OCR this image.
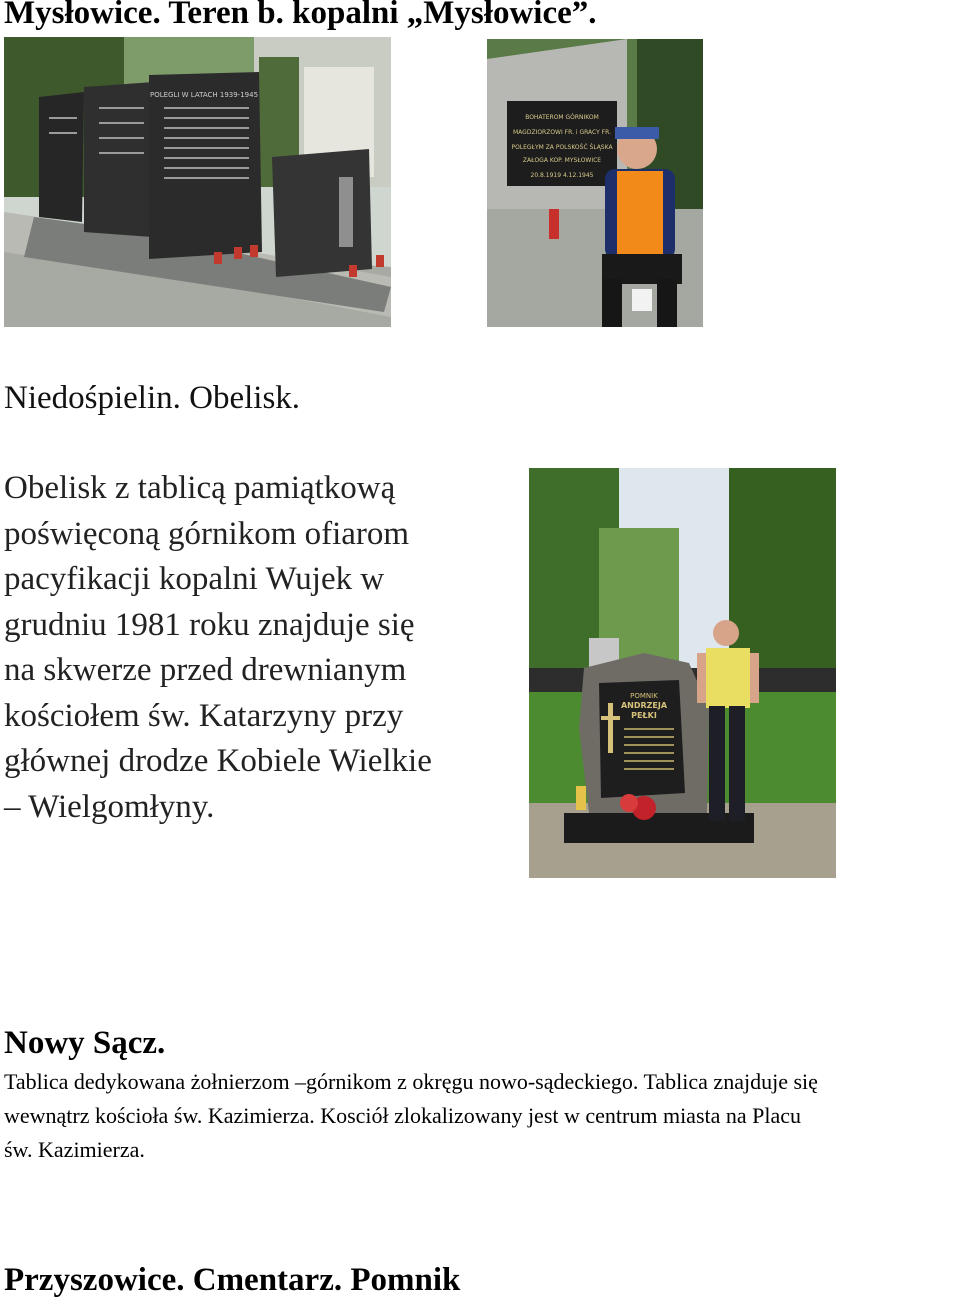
Mysłowice. Teren b. kopalni „Mysłowice”.
POLEGLI W LATACH 1939-1945
BOHATEROM GÓRNIKOM
MAGDZIORZOWI FR. i GRACY FR.
POLEGŁYM ZA POLSKOŚĆ ŚLĄSKA
ZAŁOGA KOP. MYSŁOWICE
20.8.1919 4.12.1945
Niedośpielin. Obelisk.
Obelisk z tablicą pamiątkową
poświęconą górnikom ofiarom
pacyfikacji kopalni Wujek w
grudniu 1981 roku znajduje się
na skwerze przed drewnianym
kościołem św. Katarzyny przy
głównej drodze Kobiele Wielkie
– Wielgomłyny.
POMNIK
ANDRZEJA
PEŁKI
Nowy Sącz.
Tablica dedykowana żołnierzom –górnikom z okręgu nowo-sądeckiego. Tablica znajduje się
wewnątrz kościoła św. Kazimierza. Kosciół zlokalizowany jest w centrum miasta na Placu
św. Kazimierza.
Przyszowice. Cmentarz. Pomnik
